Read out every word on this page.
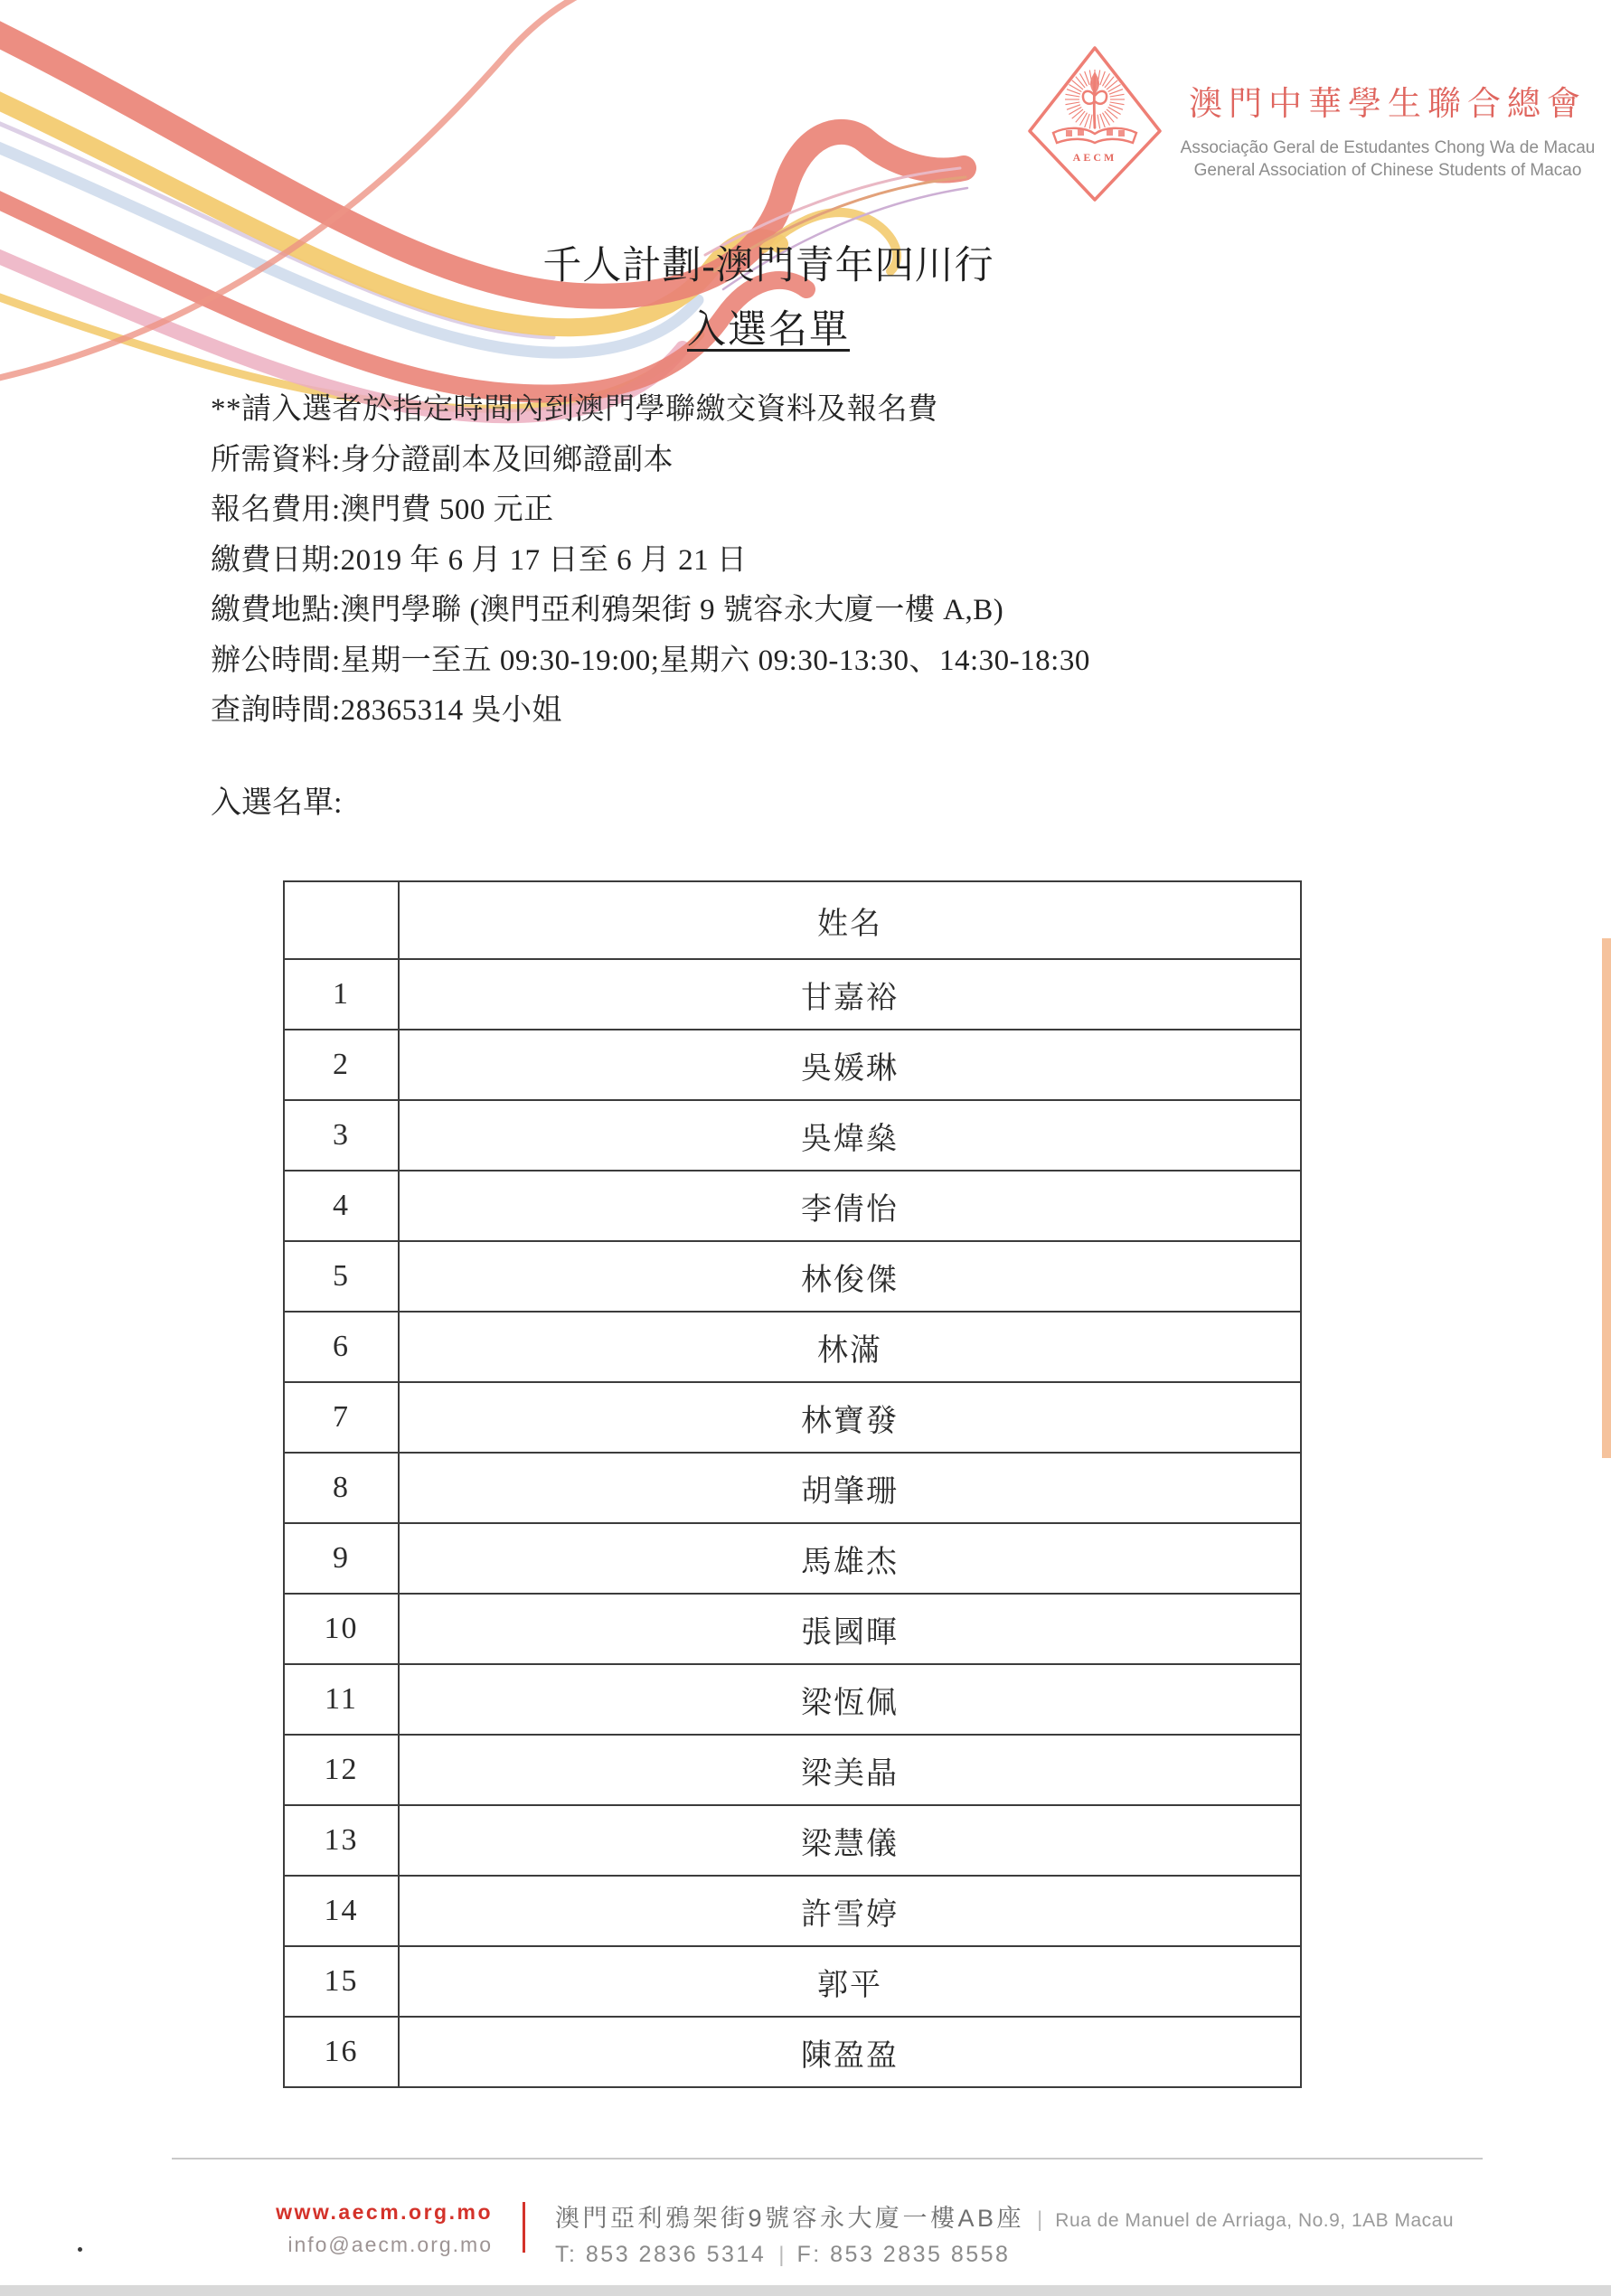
AECM
澳門中華學生聯合總會
Associação Geral de Estudantes Chong Wa de Macau
General Association of Chinese Students of Macao
千人計劃-澳門青年四川行
入選名單
**請入選者於指定時間內到澳門學聯繳交資料及報名費
所需資料:身分證副本及回鄉證副本
報名費用:澳門費 500 元正
繳費日期:2019 年 6 月 17 日至 6 月 21 日
繳費地點:澳門學聯 (澳門亞利鴉架街 9 號容永大廈一樓 A,B)
辦公時間:星期一至五 09:30-19:00;星期六 09:30-13:30、14:30-18:30
查詢時間:28365314 吳小姐
入選名單:
	姓名
1	甘嘉裕
2	吳媛琳
3	吳煒燊
4	李倩怡
5	林俊傑
6	林滿
7	林寶發
8	胡肇珊
9	馬雄杰
10	張國暉
11	梁恆佩
12	梁美晶
13	梁慧儀
14	許雪婷
15	郭平
16	陳盈盈
www.aecm.org.mo
info@aecm.org.mo
澳門亞利鴉架街9號容永大廈一樓AB座 | Rua de Manuel de Arriaga, No.9, 1AB Macau
T: 853 2836 5314 | F: 853 2835 8558
